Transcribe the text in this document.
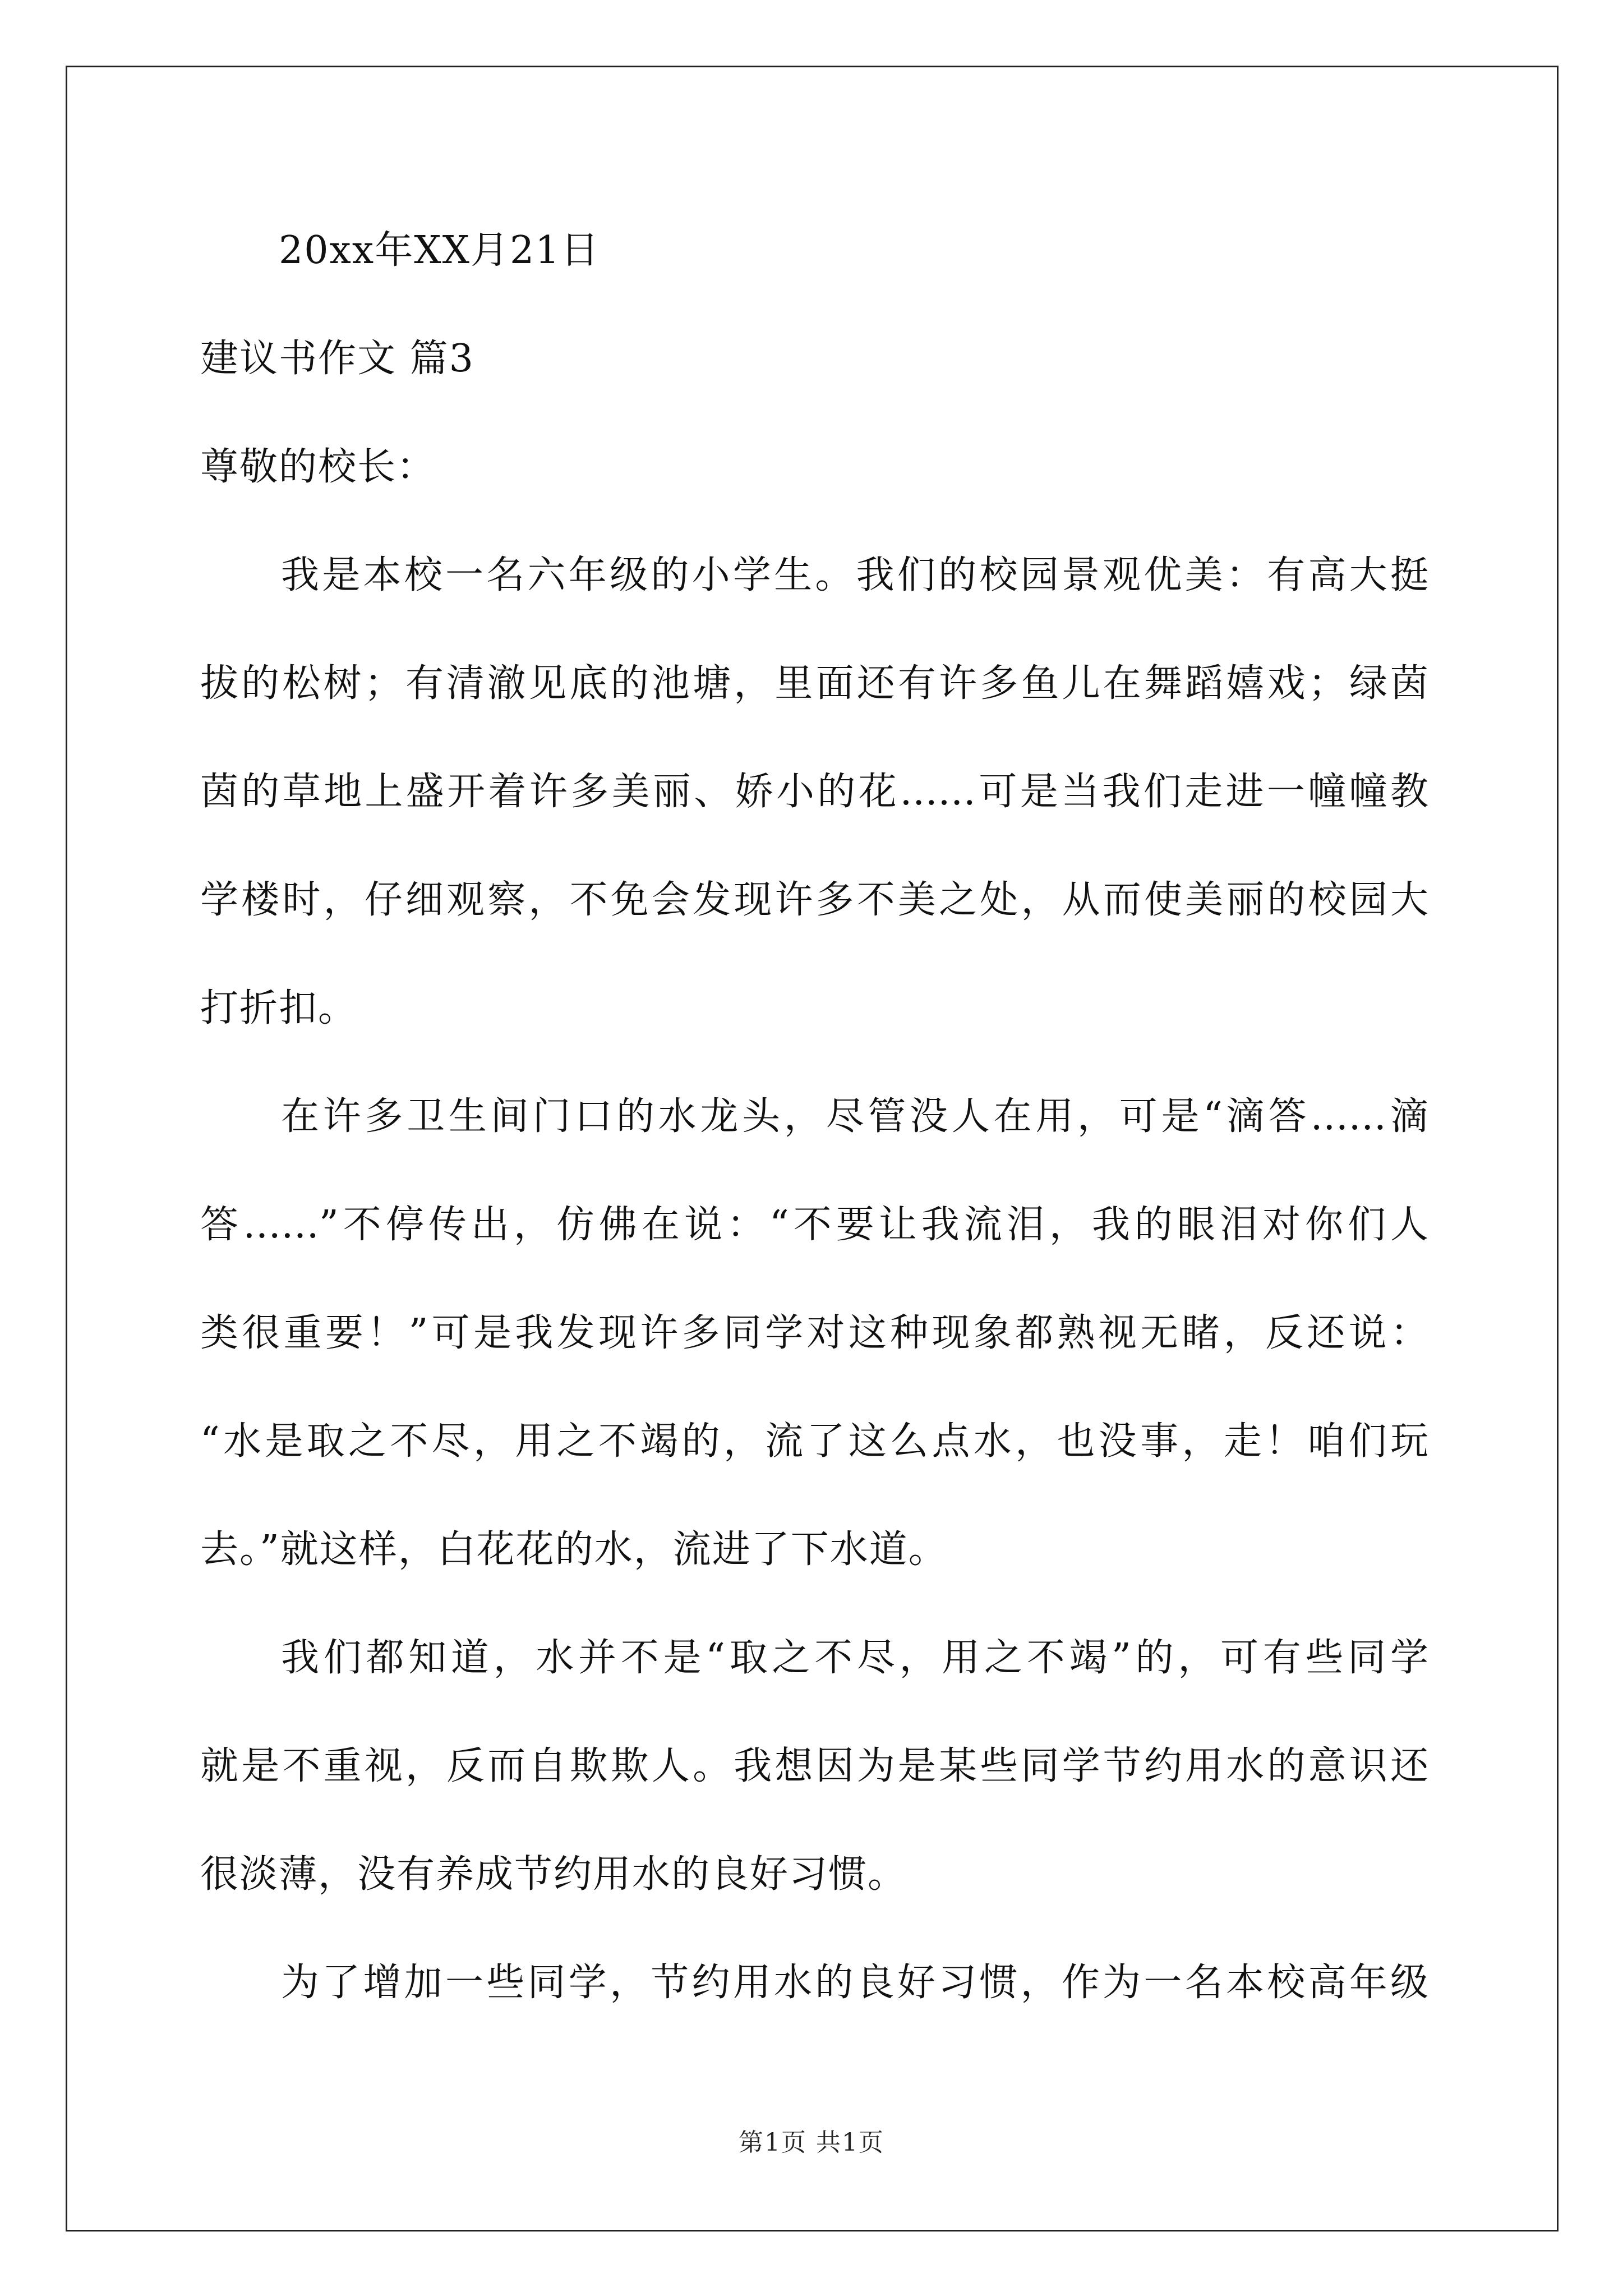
20xx年XX月21日
建议书作文 篇3
尊敬的校长：
我是本校一名六年级的小学生。我们的校园景观优美：有高大挺
拔的松树；有清澈见底的池塘，里面还有许多鱼儿在舞蹈嬉戏；绿茵
茵的草地上盛开着许多美丽、娇小的花……可是当我们走进一幢幢教
学楼时，仔细观察，不免会发现许多不美之处，从而使美丽的校园大
打折扣。
在许多卫生间门口的水龙头，尽管没人在用，可是“滴答……滴
答……”不停传出，仿佛在说：“不要让我流泪，我的眼泪对你们人
类很重要！”可是我发现许多同学对这种现象都熟视无睹，反还说：
“水是取之不尽，用之不竭的，流了这么点水，也没事，走！咱们玩
去。”就这样，白花花的水，流进了下水道。
我们都知道，水并不是“取之不尽，用之不竭”的，可有些同学
就是不重视，反而自欺欺人。我想因为是某些同学节约用水的意识还
很淡薄，没有养成节约用水的良好习惯。
为了增加一些同学，节约用水的良好习惯，作为一名本校高年级
第1页 共1页
